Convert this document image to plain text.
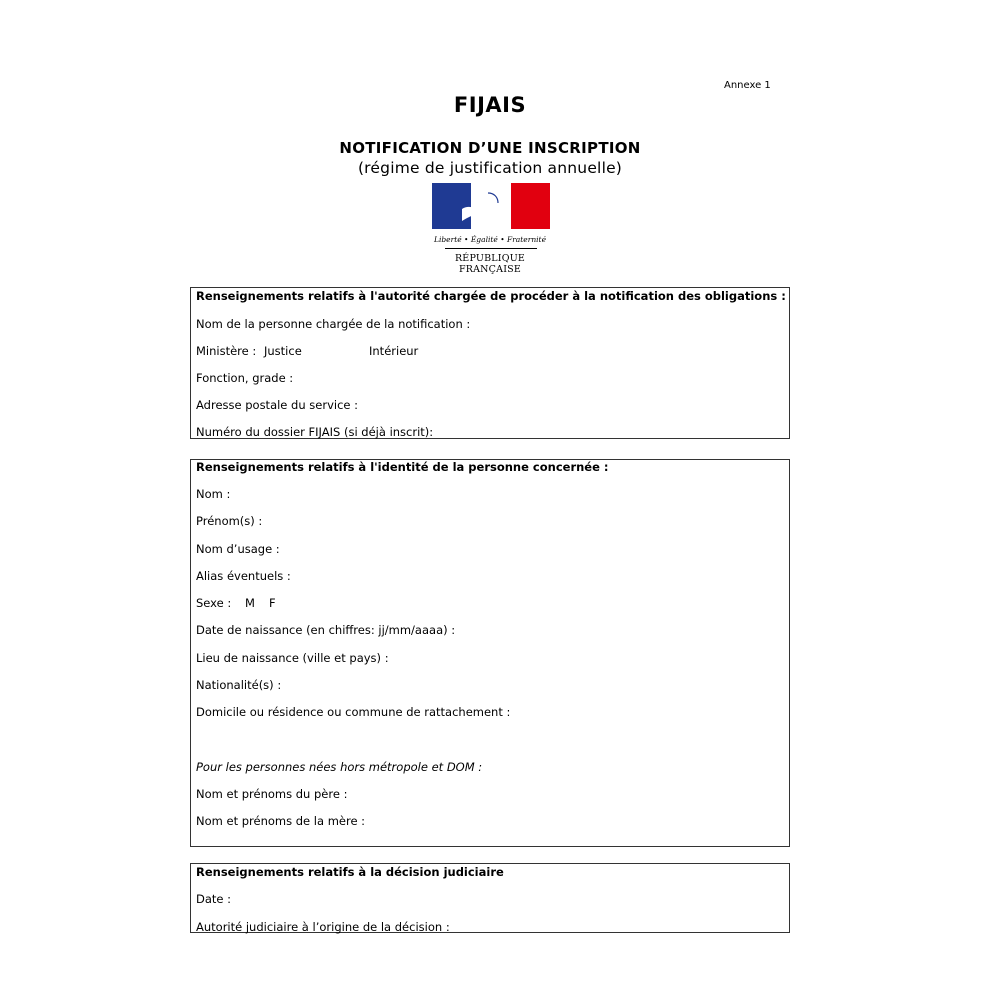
Annexe 1
FIJAIS
NOTIFICATION D’UNE INSCRIPTION
(régime de justification annuelle)
Liberté • Égalité • Fraternité
RÉPUBLIQUE FRANÇAISE
Renseignements relatifs à l'autorité chargée de procéder à la notification des obligations :
Nom de la personne chargée de la notification :
Ministère : Justice	Intérieur
Fonction, grade :
Adresse postale du service :
Numéro du dossier FIJAIS (si déjà inscrit):
Renseignements relatifs à l'identité de la personne concernée :
Nom :
Prénom(s) :
Nom d’usage :
Alias éventuels :
Sexe : M F
Date de naissance (en chiffres: jj/mm/aaaa) :
Lieu de naissance (ville et pays) :
Nationalité(s) :
Domicile ou résidence ou commune de rattachement :
Pour les personnes nées hors métropole et DOM :
Nom et prénoms du père :
Nom et prénoms de la mère :
Renseignements relatifs à la décision judiciaire
Date :
Autorité judiciaire à l’origine de la décision :
